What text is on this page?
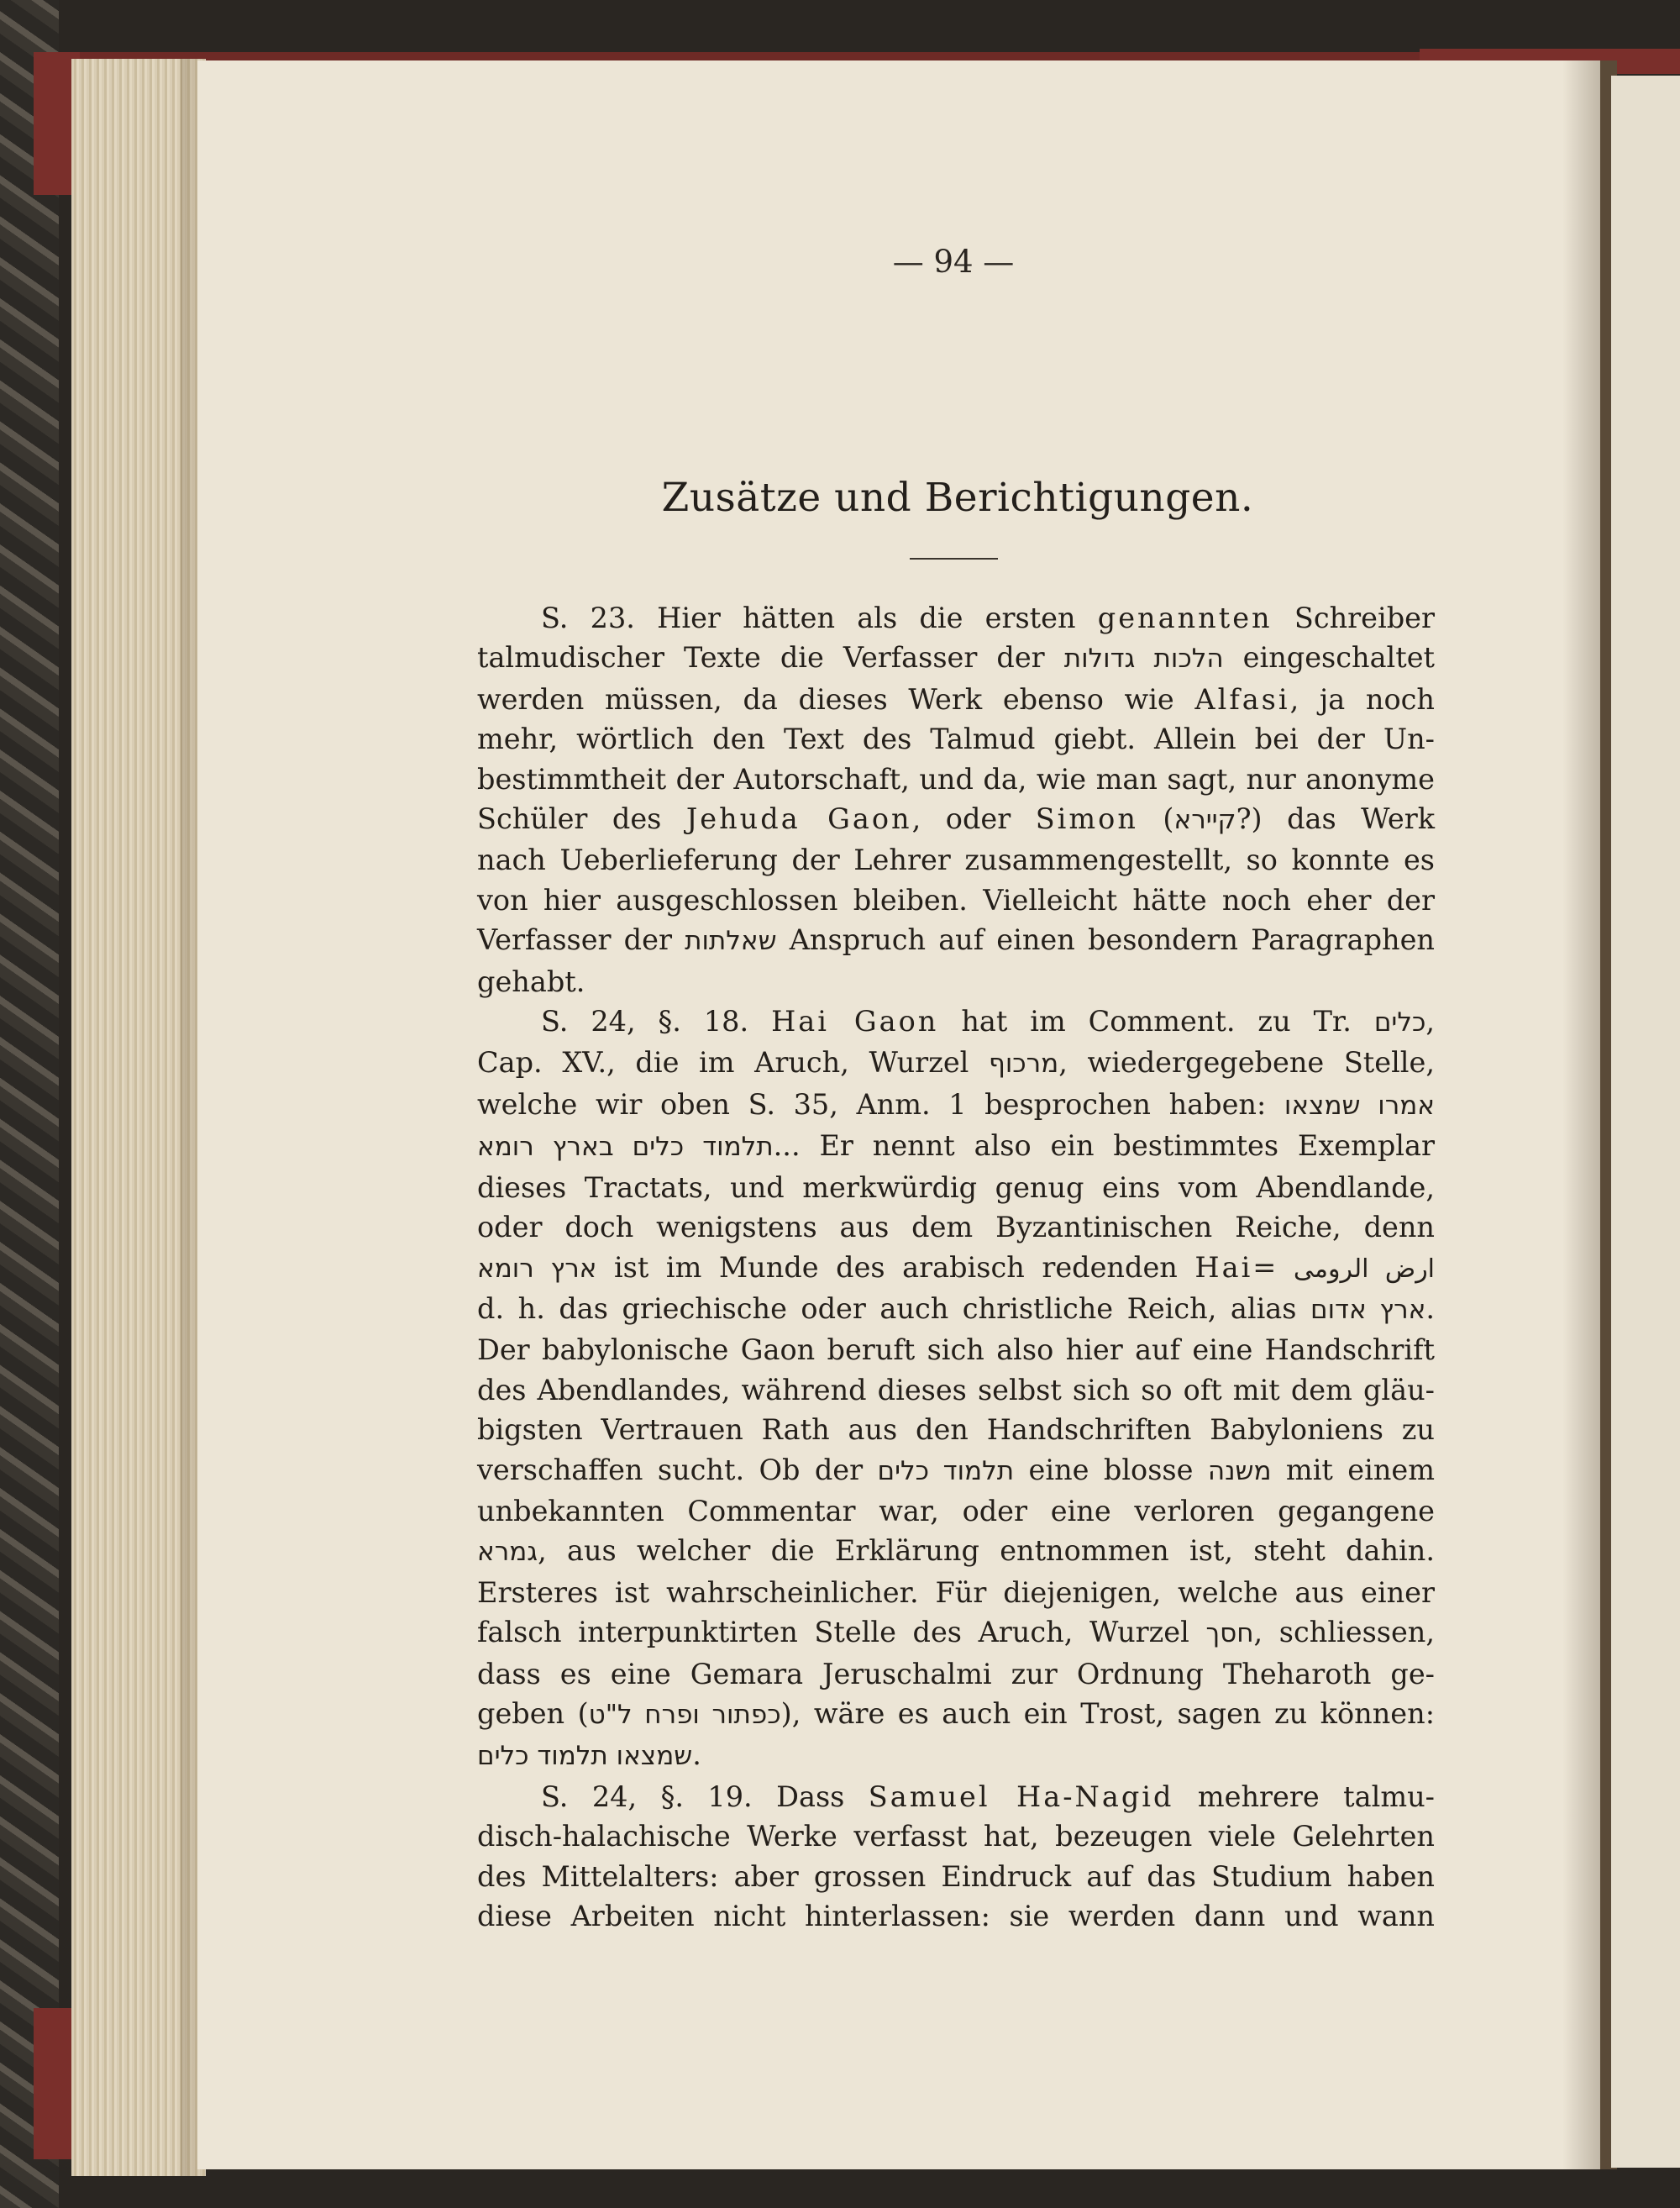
— 94 —
Zusätze und Berichtigungen.

S. 23. Hier hätten als die ersten genannten Schreiber

talmudischer Texte die Verfasser der הלכות גדולות eingeschaltet

werden müssen, da dieses Werk ebenso wie Alfasi, ja noch

mehr, wörtlich den Text des Talmud giebt. Allein bei der Un-

bestimmtheit der Autorschaft, und da, wie man sagt, nur anonyme

Schüler des Jehuda Gaon, oder Simon (קיירא?) das Werk

nach Ueberlieferung der Lehrer zusammengestellt, so konnte es

von hier ausgeschlossen bleiben. Vielleicht hätte noch eher der

Verfasser der שאלתות Anspruch auf einen besondern Paragraphen

gehabt.

S. 24, §. 18. Hai Gaon hat im Comment. zu Tr. כלים,

Cap. XV., die im Aruch, Wurzel מרכוף, wiedergegebene Stelle,

welche wir oben S. 35, Anm. 1 besprochen haben: אמרו שמצאו

תלמוד כלים בארץ רומא... Er nennt also ein bestimmtes Exemplar

dieses Tractats, und merkwürdig genug eins vom Abendlande,

oder doch wenigstens aus dem Byzantinischen Reiche, denn

ארץ רומא ist im Munde des arabisch redenden Hai= ارض الرومى

d. h. das griechische oder auch christliche Reich, alias ארץ אדום.

Der babylonische Gaon beruft sich also hier auf eine Handschrift

des Abendlandes, während dieses selbst sich so oft mit dem gläu-

bigsten Vertrauen Rath aus den Handschriften Babyloniens zu

verschaffen sucht. Ob der תלמוד כלים eine blosse משנה mit einem

unbekannten Commentar war, oder eine verloren gegangene

גמרא, aus welcher die Erklärung entnommen ist, steht dahin.

Ersteres ist wahrscheinlicher. Für diejenigen, welche aus einer

falsch interpunktirten Stelle des Aruch, Wurzel חסך, schliessen,

dass es eine Gemara Jeruschalmi zur Ordnung Theharoth ge-

geben (כפתור ופרח ל"ט), wäre es auch ein Trost, sagen zu können:

שמצאו תלמוד כלים.

S. 24, §. 19. Dass Samuel Ha-Nagid mehrere talmu-

disch-halachische Werke verfasst hat, bezeugen viele Gelehrten

des Mittelalters: aber grossen Eindruck auf das Studium haben

diese Arbeiten nicht hinterlassen: sie werden dann und wann
